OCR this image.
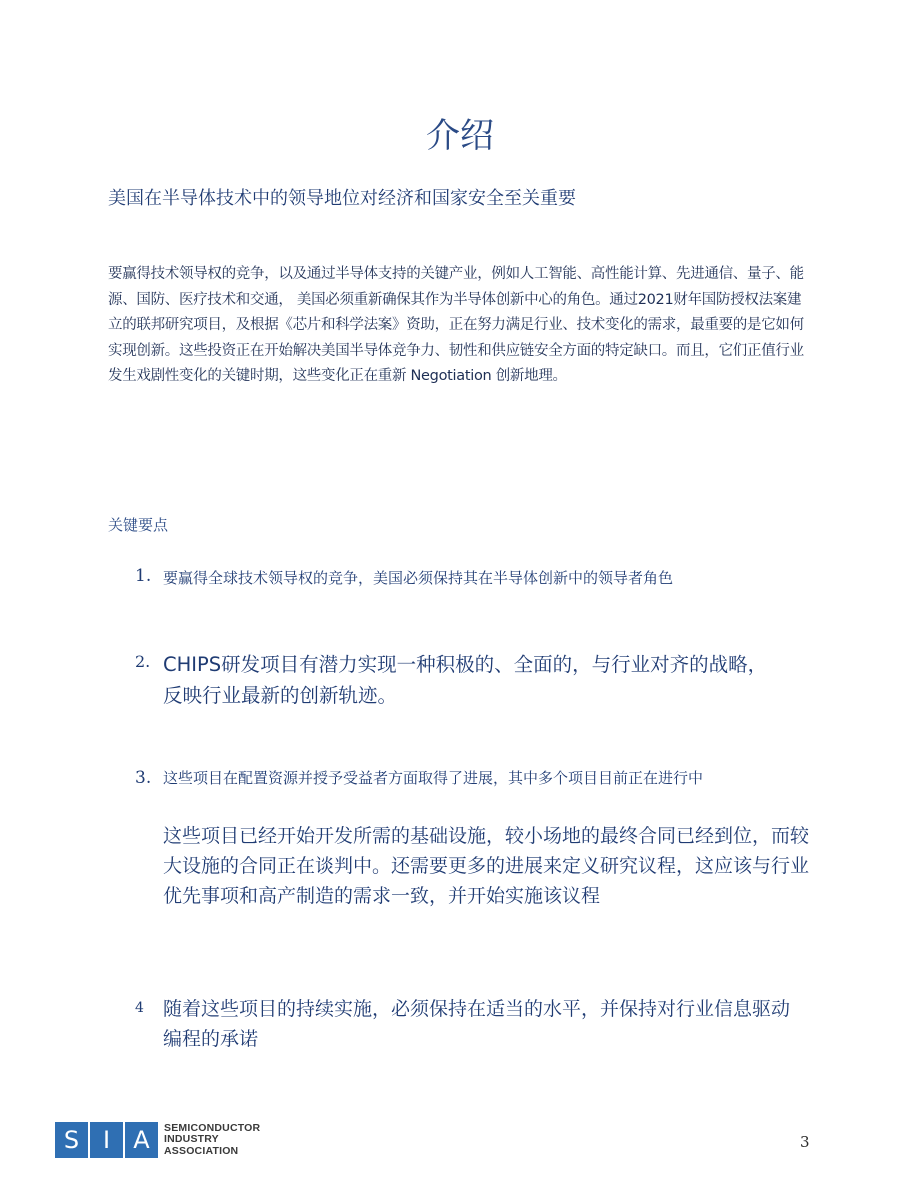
介绍
美国在半导体技术中的领导地位对经济和国家安全至关重要

要赢得技术领导权的竞争，以及通过半导体支持的关键产业，例如人工智能、高性能计算、先进通信、量子、能源、国防、医疗技术和交通， 美国必须重新确保其作为半导体创新中心的角色。通过2021财年国防授权法案建立的联邦研究项目，及根据《芯片和科学法案》资助，正在努力满足行业、技术变化的需求，最重要的是它如何实现创新。这些投资正在开始解决美国半导体竞争力、韧性和供应链安全方面的特定缺口。而且，它们正值行业发生戏剧性变化的关键时期，这些变化正在重新 Negotiation 创新地理。

关键要点
1. 要赢得全球技术领导权的竞争，美国必须保持其在半导体创新中的领导者角色
2. CHIPS研发项目有潜力实现一种积极的、全面的，与行业对齐的战略，反映行业最新的创新轨迹。
3. 这些项目在配置资源并授予受益者方面取得了进展，其中多个项目目前正在进行中
这些项目已经开始开发所需的基础设施，较小场地的最终合同已经到位，而较大设施的合同正在谈判中。还需要更多的进展来定义研究议程，这应该与行业优先事项和高产制造的需求一致，并开始实施该议程
4 随着这些项目的持续实施，必须保持在适当的水平，并保持对行业信息驱动编程的承诺
S I A	SEMICONDUCTOR
INDUSTRY
ASSOCIATION	3
